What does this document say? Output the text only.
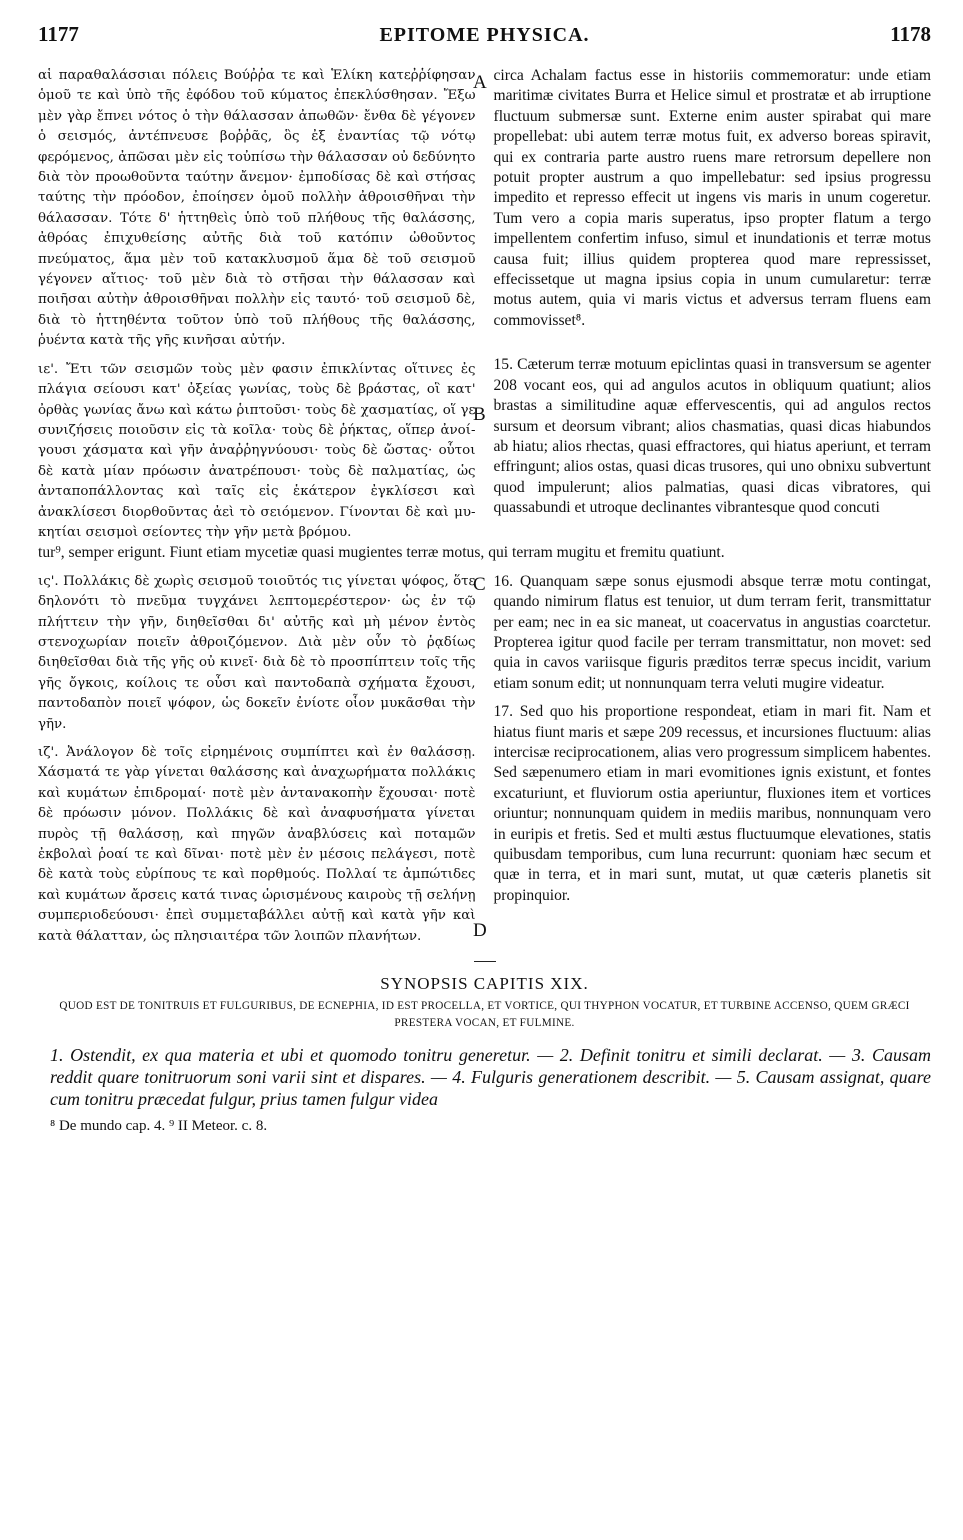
1177	EPITOME PHYSICA.	1178
A
B

αἱ παραθαλάσσιαι πόλεις Βούῤῥα τε καὶ Ἑλίκη κατεῤῥίφησαν ὁμοῦ τε καὶ ὑπὸ τῆς ἐφόδου τοῦ κύματος ἐπεκλύσθησαν. Ἔξω μὲν γὰρ ἔπνει νότος ὁ τὴν θάλασσαν ἀπωθῶν· ἔνθα δὲ γέγονεν ὁ σεισμός, ἀντέπνευσε βοῤῥᾶς, ὃς ἐξ ἐναντίας τῷ νότῳ φερόμενος, ἀπῶσαι μὲν εἰς τοὐπίσω τὴν θάλασσαν οὐ δεδύνητο διὰ τὸν προωθοῦντα ταύτην ἄνεμον· ἐμποδίσας δὲ καὶ στήσας ταύτης τὴν πρόοδον, ἐποίησεν ὁμοῦ πολλὴν ἀθροισθῆναι τὴν θάλασσαν. Τότε δ' ἡττηθεὶς ὑπὸ τοῦ πλήθους τῆς θαλάσσης, ἀθρόας ἐπιχυθείσης αὐτῆς διὰ τοῦ κατόπιν ὠθοῦντος πνεύματος, ἅμα μὲν τοῦ κατακλυσμοῦ ἅμα δὲ τοῦ σεισμοῦ γέγονεν αἴτιος· τοῦ μὲν διὰ τὸ στῆσαι τὴν θάλασσαν καὶ ποιῆσαι αὐτὴν ἀθροισθῆναι πολλὴν εἰς ταυτό· τοῦ σεισμοῦ δὲ, διὰ τὸ ἡττηθέντα τοῦτον ὑπὸ τοῦ πλήθους τῆς θαλάσσης, ῥυέντα κατὰ τῆς γῆς κινῆσαι αὐτήν.

ιε'. Ἔτι τῶν σεισμῶν τοὺς μὲν φασιν ἐπικλίντας οἵτινες ἐς πλάγια σείουσι κατ' ὀξείας γωνίας, τοὺς δὲ βράστας, οἳ κατ' ὀρθὰς γωνίας ἄνω καὶ κάτω ῥιπτοῦσι· τοὺς δὲ χασματίας, οἵ γε συνιζήσεις ποιοῦσιν εἰς τὰ κοῖλα· τοὺς δὲ ῥήκτας, οἵπερ ἀνοίγουσι χάσματα καὶ γῆν ἀναῤῥηγνύουσι· τοὺς δὲ ὤστας· οὗτοι δὲ κατὰ μίαν πρόωσιν ἀνατρέπουσι· τοὺς δὲ παλματίας, ὡς ἀνταποπάλλοντας καὶ ταῖς εἰς ἑκάτερον ἐγκλίσεσι καὶ ἀνακλίσεσι διορθοῦντας ἀεὶ τὸ σειόμενον. Γίνονται δὲ καὶ μυκητίαι σεισμοὶ σείοντες τὴν γῆν μετὰ βρόμου.

circa Achalam factus esse in historiis commemoratur: unde etiam maritimæ civitates Burra et Helice simul et prostratæ et ab irruptione fluctuum submersæ sunt. Externe enim auster spirabat qui mare propellebat: ubi autem terræ motus fuit, ex adverso boreas spiravit, qui ex contraria parte austro ruens mare retrorsum depellere non potuit propter austrum a quo impellebatur: sed ipsius progressu impedito et represso effecit ut ingens vis maris in unum cogeretur. Tum vero a copia maris superatus, ipso propter flatum a tergo impellentem confertim infuso, simul et inundationis et terræ motus causa fuit; illius quidem propterea quod mare repressisset, effecissetque ut magna ipsius copia in unum cumularetur: terræ motus autem, quia vi maris victus et adversus terram fluens eam commovisset⁸.

15. Cæterum terræ motuum epiclintas quasi in transversum se agenter 208 vocant eos, qui ad angulos acutos in obliquum quatiunt; alios brastas a similitudine aquæ effervescentis, qui ad angulos rectos sursum et deorsum vibrant; alios chasmatias, quasi dicas hiabundos ab hiatu; alios rhectas, quasi effractores, qui hiatus aperiunt, et terram effringunt; alios ostas, quasi dicas trusores, qui uno obnixu subvertunt quod impulerunt; alios palmatias, quasi dicas vibratores, qui quassabundi et utroque declinantes vibrantesque quod concuti

tur⁹, semper erigunt. Fiunt etiam mycetiæ quasi mugientes terræ motus, qui terram mugitu et fremitu quatiunt.
C
D

ις'. Πολλάκις δὲ χωρὶς σεισμοῦ τοιοῦτός τις γίνεται ψόφος, ὅτε δηλονότι τὸ πνεῦμα τυγχάνει λεπτομερέστερον· ὡς ἐν τῷ πλήττειν τὴν γῆν, διηθεῖσθαι δι' αὐτῆς καὶ μὴ μένον ἐντὸς στενοχωρίαν ποιεῖν ἀθροιζόμενον. Διὰ μὲν οὖν τὸ ῥᾳδίως διηθεῖσθαι διὰ τῆς γῆς οὐ κινεῖ· διὰ δὲ τὸ προσπίπτειν τοῖς τῆς γῆς ὄγκοις, κοίλοις τε οὖσι καὶ παντοδαπὰ σχήματα ἔχουσι, παντοδαπὸν ποιεῖ ψόφον, ὡς δοκεῖν ἐνίοτε οἷον μυκᾶσθαι τὴν γῆν.

ιζ'. Ἀνάλογον δὲ τοῖς εἰρημένοις συμπίπτει καὶ ἐν θαλάσσῃ. Χάσματά τε γὰρ γίνεται θαλάσσης καὶ ἀναχωρήματα πολλάκις καὶ κυμάτων ἐπιδρομαί· ποτὲ μὲν ἀντανακοπὴν ἔχουσαι· ποτὲ δὲ πρόωσιν μόνον. Πολλάκις δὲ καὶ ἀναφυσήματα γίνεται πυρὸς τῇ θαλάσσῃ, καὶ πηγῶν ἀναβλύσεις καὶ ποταμῶν ἐκβολαὶ ῥοαί τε καὶ δῖναι· ποτὲ μὲν ἐν μέσοις πελάγεσι, ποτὲ δὲ κατὰ τοὺς εὐρίπους τε καὶ πορθμούς. Πολλαί τε ἀμπώτιδες καὶ κυμάτων ἄρσεις κατά τινας ὡρισμένους καιροὺς τῇ σελήνῃ συμπεριοδεύουσι· ἐπεὶ συμμεταβάλλει αὐτῇ καὶ κατὰ γῆν καὶ κατὰ θάλατταν, ὡς πλησιαιτέρα τῶν λοιπῶν πλανήτων.

16. Quanquam sæpe sonus ejusmodi absque terræ motu contingat, quando nimirum flatus est tenuior, ut dum terram ferit, transmittatur per eam; nec in ea sic maneat, ut coacervatus in angustias coarctetur. Propterea igitur quod facile per terram transmittatur, non movet: sed quia in cavos variisque figuris præditos terræ specus incidit, varium etiam sonum edit; ut nonnunquam terra veluti mugire videatur.

17. Sed quo his proportione respondeat, etiam in mari fit. Nam et hiatus fiunt maris et sæpe 209 recessus, et incursiones fluctuum: alias intercisæ reciprocationem, alias vero progressum simplicem habentes. Sed sæpenumero etiam in mari evomitiones ignis existunt, et fontes excaturiunt, et fluviorum ostia aperiuntur, fluxiones item et vortices oriuntur; nonnunquam quidem in mediis maribus, nonnunquam vero in euripis et fretis. Sed et multi æstus fluctuumque elevationes, statis quibusdam temporibus, cum luna recurrunt: quoniam hæc secum et quæ in terra, et in mari sunt, mutat, ut quæ cæteris planetis sit propinquior.

SYNOPSIS CAPITIS XIX.
QUOD EST DE TONITRUIS ET FULGURIBUS, DE ECNEPHIA, ID EST PROCELLA, ET VORTICE, QUI THYPHON VOCATUR, ET TURBINE ACCENSO, QUEM GRÆCI PRESTERA VOCAN, ET FULMINE.
1. Ostendit, ex qua materia et ubi et quomodo tonitru generetur. — 2. Definit tonitru et simili declarat. — 3. Causam reddit quare tonitruorum soni varii sint et dispares. — 4. Fulguris generationem describit. — 5. Causam assignat, quare cum tonitru præcedat fulgur, prius tamen fulgur videa
⁸ De mundo cap. 4. ⁹ II Meteor. c. 8.
